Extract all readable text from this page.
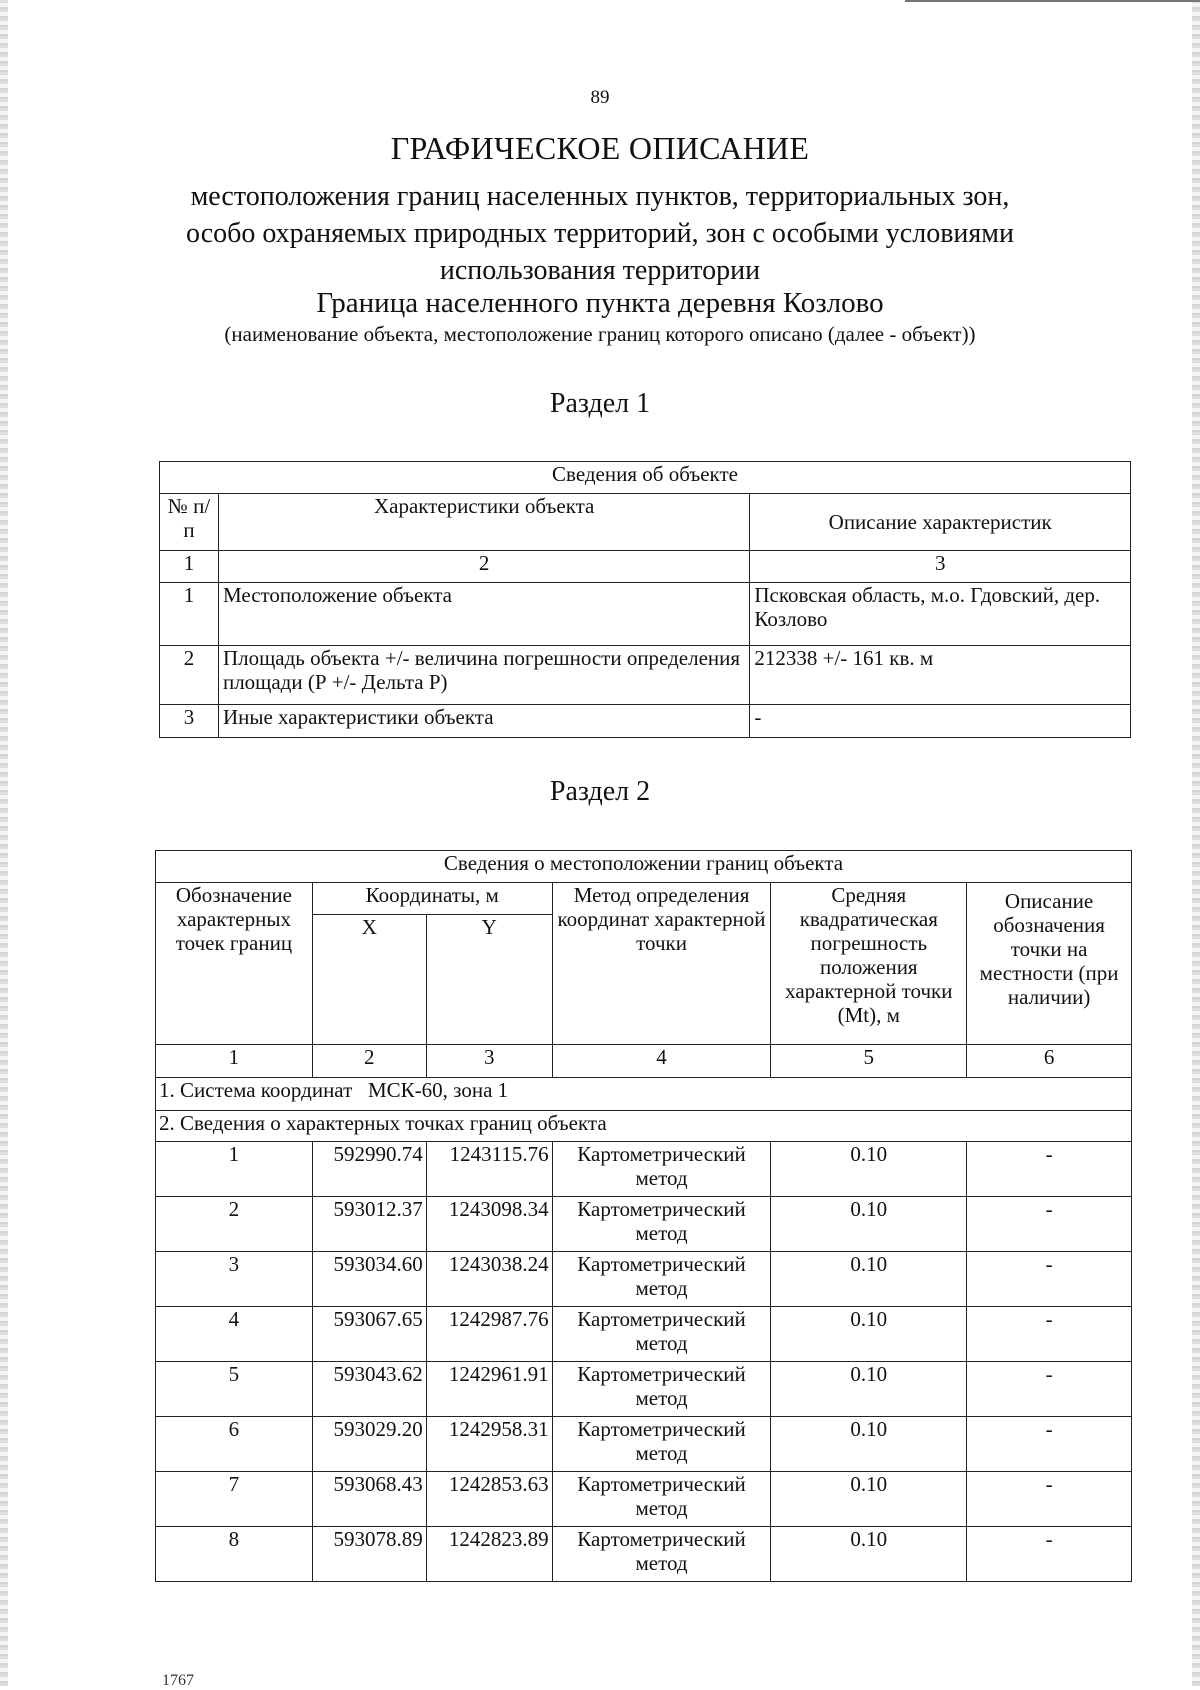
89
ГРАФИЧЕСКОЕ ОПИСАНИЕ
местоположения границ населенных пунктов, территориальных зон,
особо охраняемых природных территорий, зон с особыми условиями
использования территории
Граница населенного пункта деревня Козлово
(наименование объекта, местоположение границ которого описано (далее - объект))
Раздел 1
Сведения об объекте		
№ п/п	Характеристики объекта	Описание характеристик
1	2	3
1	Местоположение объекта	Псковская область, м.о. Гдовский, дер. Козлово
2	Площадь объекта +/- величина погрешности определения площади (Р +/- Дельта Р)	212338 +/- 161 кв. м
3	Иные характеристики объекта	-
Раздел 2
Сведения о местоположении границ объекта					
Обозначение характерных точек границ	Координаты, м		Метод определения координат характерной точки	Средняя квадратическая погрешность положения характерной точки (Mt), м	Описание обозначения точки на местности (при наличии)
	X	Y			
1	2	3	4	5	6
1. Система координат   МСК-60, зона 1					
2. Сведения о характерных точках границ объекта					
1	592990.74	1243115.76	Картометрический метод	0.10	-
2	593012.37	1243098.34	Картометрический метод	0.10	-
3	593034.60	1243038.24	Картометрический метод	0.10	-
4	593067.65	1242987.76	Картометрический метод	0.10	-
5	593043.62	1242961.91	Картометрический метод	0.10	-
6	593029.20	1242958.31	Картометрический метод	0.10	-
7	593068.43	1242853.63	Картометрический метод	0.10	-
8	593078.89	1242823.89	Картометрический метод	0.10	-
1767
